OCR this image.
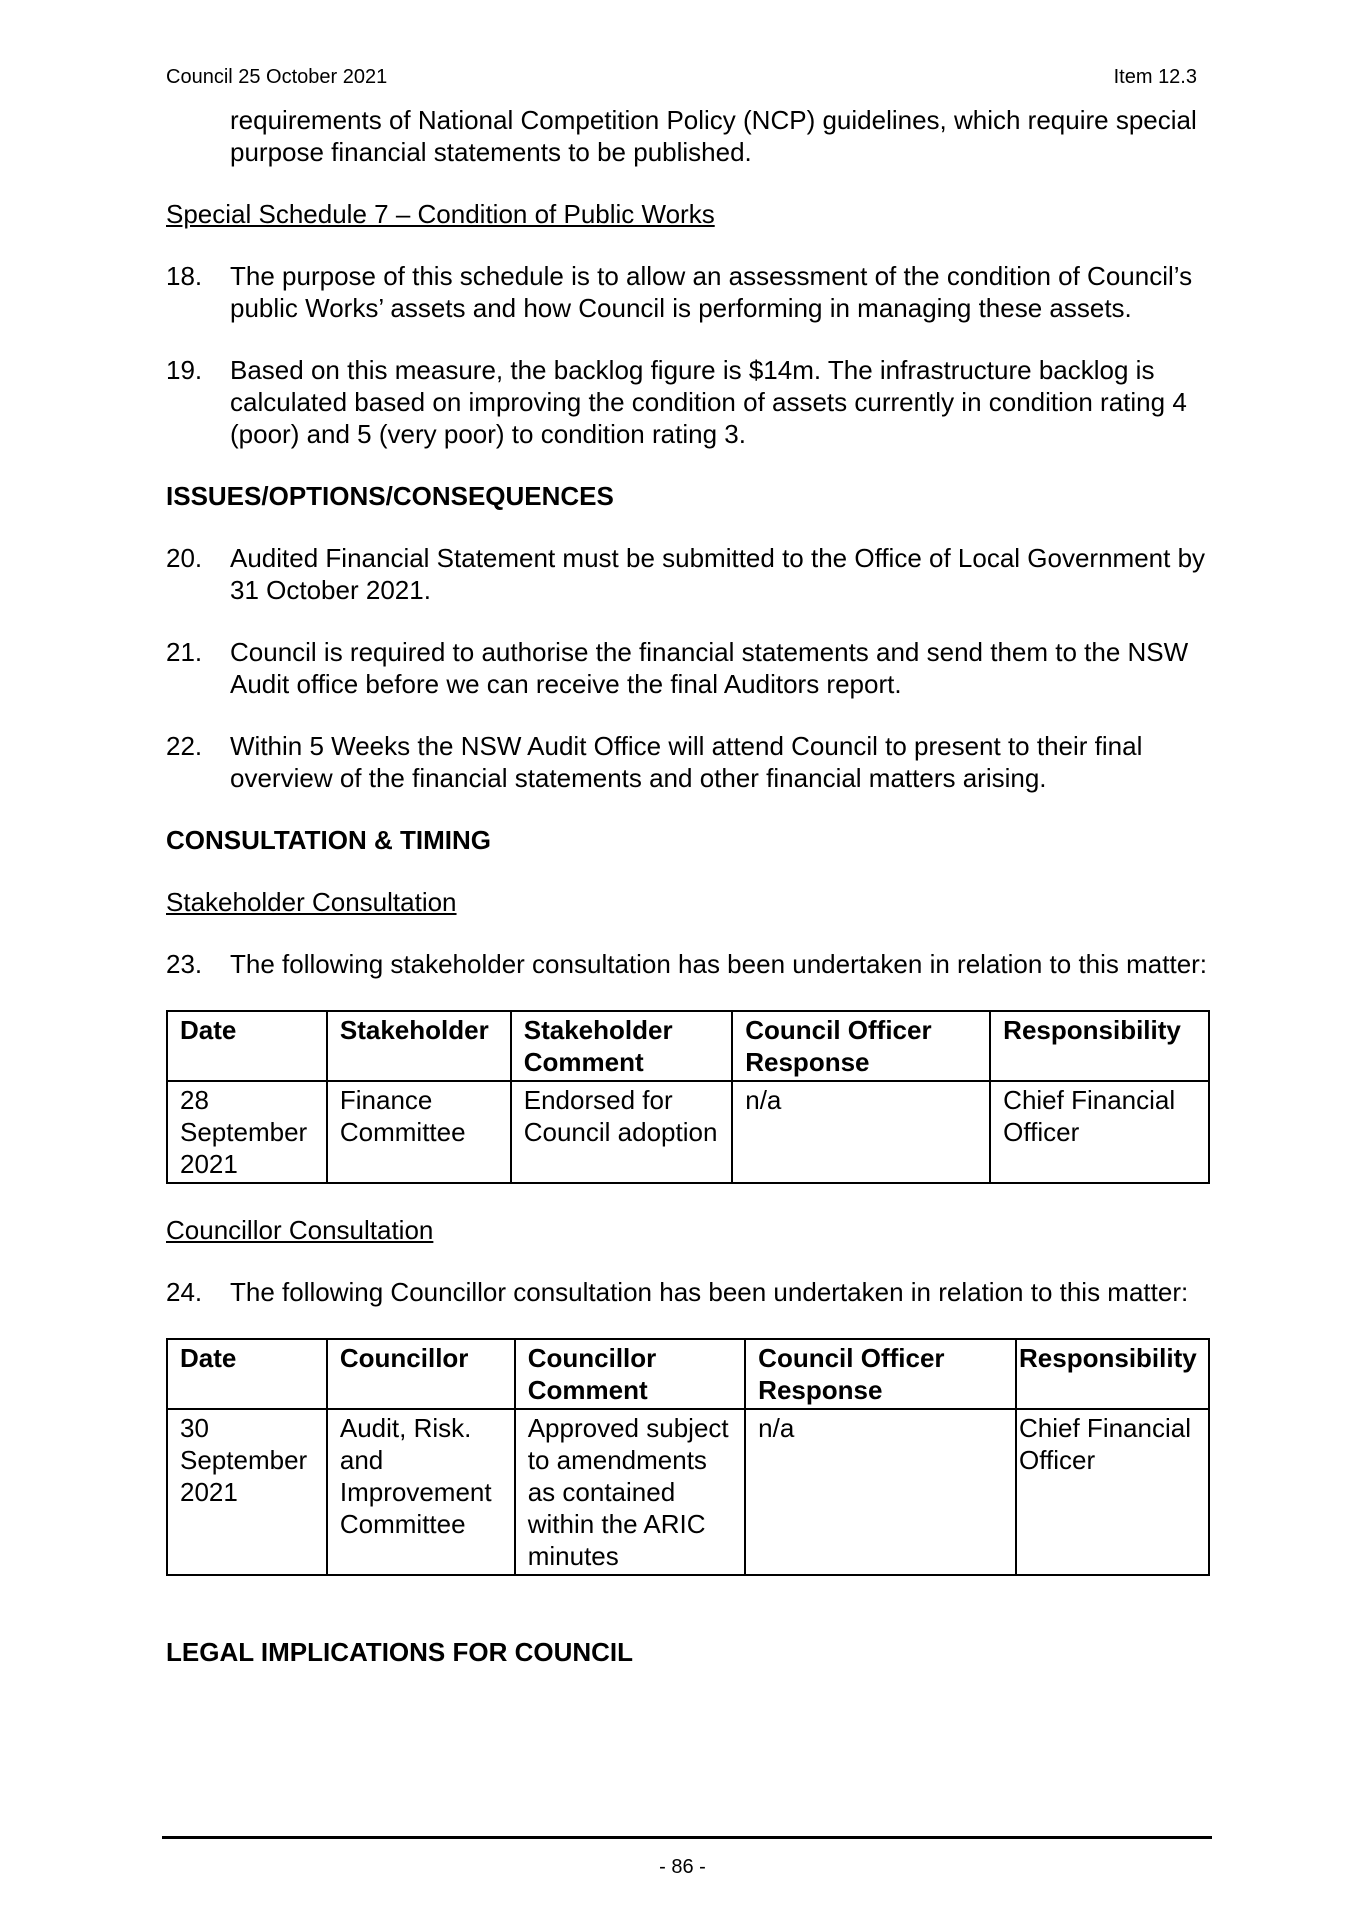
Council 25 October 2021	Item 12.3
requirements of National Competition Policy (NCP) guidelines, which require special purpose financial statements to be published.
Special Schedule 7 – Condition of Public Works
18.	The purpose of this schedule is to allow an assessment of the condition of Council’s public Works’ assets and how Council is performing in managing these assets.
19.	Based on this measure, the backlog figure is $14m. The infrastructure backlog is calculated based on improving the condition of assets currently in condition rating 4 (poor) and 5 (very poor) to condition rating 3.
ISSUES/OPTIONS/CONSEQUENCES
20.	Audited Financial Statement must be submitted to the Office of Local Government by 31 October 2021.
21.	Council is required to authorise the financial statements and send them to the NSW Audit office before we can receive the final Auditors report.
22.	Within 5 Weeks the NSW Audit Office will attend Council to present to their final overview of the financial statements and other financial matters arising.
CONSULTATION & TIMING
Stakeholder Consultation
23.	The following stakeholder consultation has been undertaken in relation to this matter:
Date	Stakeholder	Stakeholder Comment	Council Officer Response	Responsibility
28 September 2021	Finance Committee	Endorsed for Council adoption	n/a	Chief Financial Officer
Councillor Consultation
24.	The following Councillor consultation has been undertaken in relation to this matter:
Date	Councillor	Councillor Comment	Council Officer Response	Responsibility
30 September 2021	Audit, Risk. and Improvement Committee	Approved subject to amendments as contained within the ARIC minutes	n/a	Chief Financial Officer
LEGAL IMPLICATIONS FOR COUNCIL
- 86 -
